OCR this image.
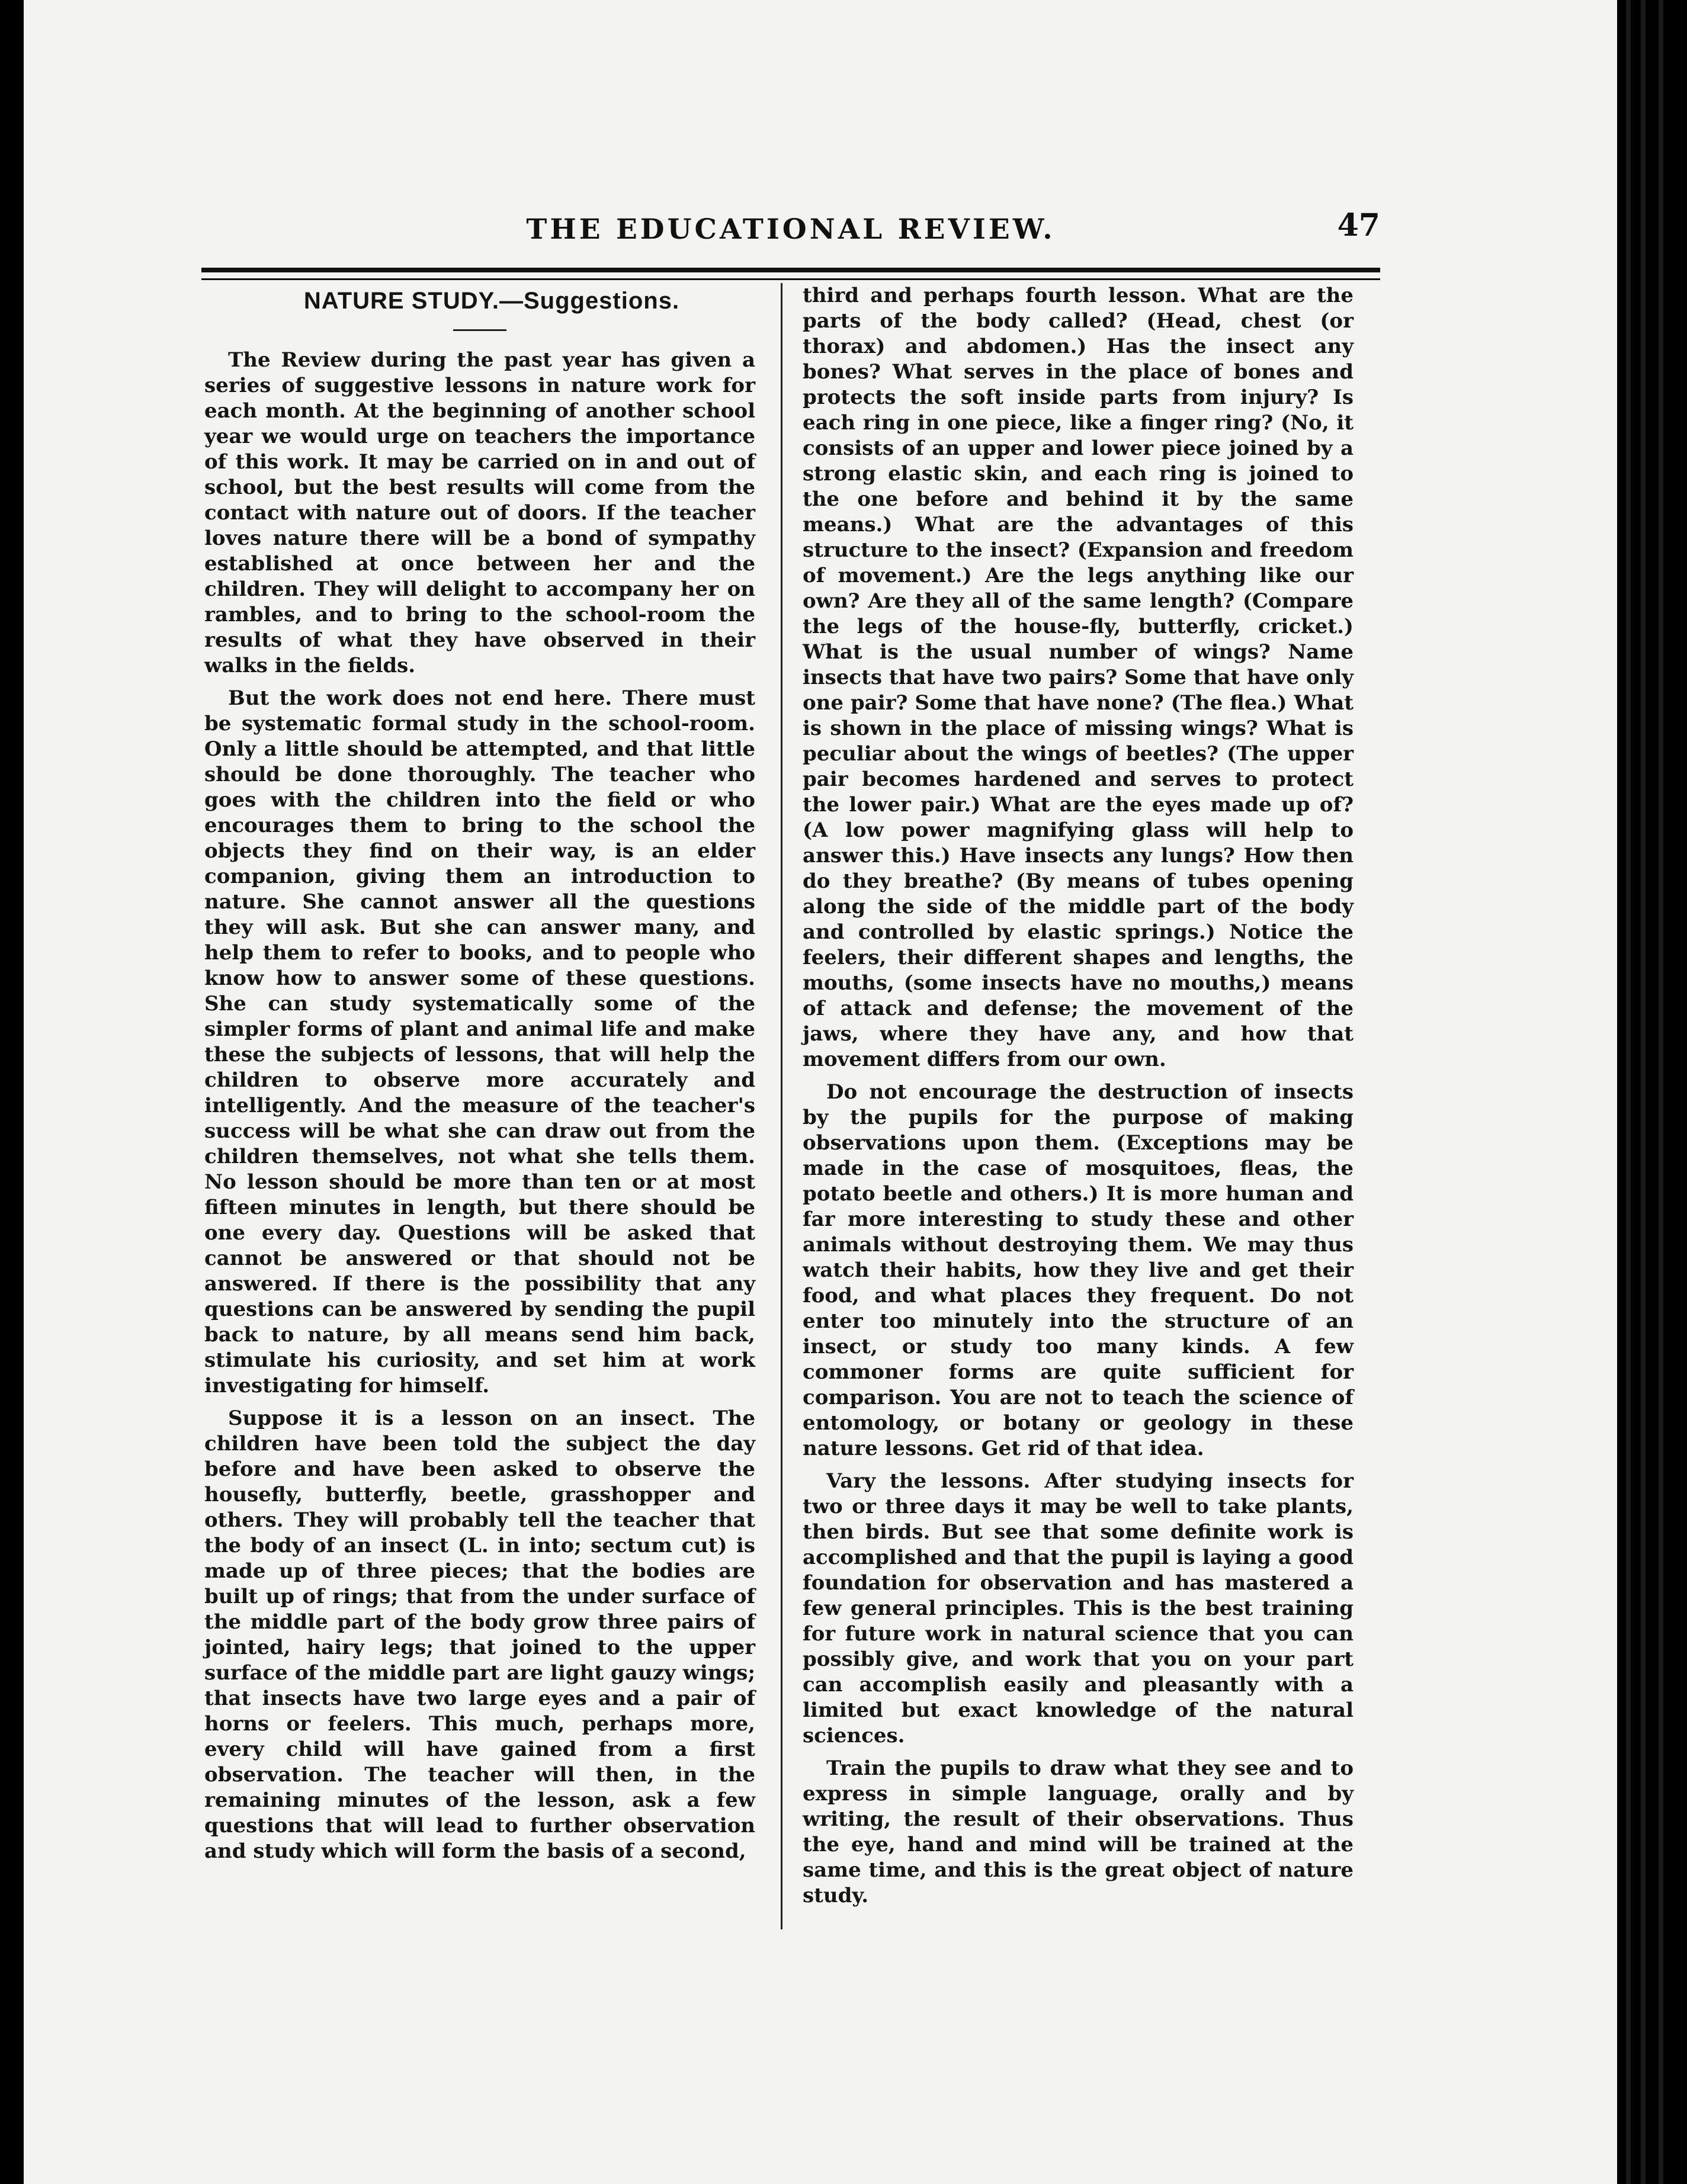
THE EDUCATIONAL REVIEW.	47

NATURE STUDY.—Suggestions.

The Review during the past year has given a series of suggestive lessons in nature work for each month. At the beginning of another school year we would urge on teachers the importance of this work. It may be carried on in and out of school, but the best results will come from the contact with nature out of doors. If the teacher loves nature there will be a bond of sympathy established at once between her and the children. They will delight to accompany her on rambles, and to bring to the school-room the results of what they have observed in their walks in the fields.

But the work does not end here. There must be systematic formal study in the school-room. Only a little should be attempted, and that little should be done thoroughly. The teacher who goes with the children into the field or who encourages them to bring to the school the objects they find on their way, is an elder companion, giving them an introduction to nature. She cannot answer all the questions they will ask. But she can answer many, and help them to refer to books, and to people who know how to answer some of these questions. She can study systematically some of the simpler forms of plant and animal life and make these the subjects of lessons, that will help the children to observe more accurately and intelligently. And the measure of the teacher's success will be what she can draw out from the children themselves, not what she tells them. No lesson should be more than ten or at most fifteen minutes in length, but there should be one every day. Questions will be asked that cannot be answered or that should not be answered. If there is the possibility that any questions can be answered by sending the pupil back to nature, by all means send him back, stimulate his curiosity, and set him at work investigating for himself.

Suppose it is a lesson on an insect. The children have been told the subject the day before and have been asked to observe the housefly, butterfly, beetle, grasshopper and others. They will probably tell the teacher that the body of an insect (L. in into; sectum cut) is made up of three pieces; that the bodies are built up of rings; that from the under surface of the middle part of the body grow three pairs of jointed, hairy legs; that joined to the upper surface of the middle part are light gauzy wings; that insects have two large eyes and a pair of horns or feelers. This much, perhaps more, every child will have gained from a first observation. The teacher will then, in the remaining minutes of the lesson, ask a few questions that will lead to further observation and study which will form the basis of a second,

third and perhaps fourth lesson. What are the parts of the body called? (Head, chest (or thorax) and abdomen.) Has the insect any bones? What serves in the place of bones and protects the soft inside parts from injury? Is each ring in one piece, like a finger ring? (No, it consists of an upper and lower piece joined by a strong elastic skin, and each ring is joined to the one before and behind it by the same means.) What are the advantages of this structure to the insect? (Expansion and freedom of movement.) Are the legs anything like our own? Are they all of the same length? (Compare the legs of the house-fly, butterfly, cricket.) What is the usual number of wings? Name insects that have two pairs? Some that have only one pair? Some that have none? (The flea.) What is shown in the place of missing wings? What is peculiar about the wings of beetles? (The upper pair becomes hardened and serves to protect the lower pair.) What are the eyes made up of? (A low power magnifying glass will help to answer this.) Have insects any lungs? How then do they breathe? (By means of tubes opening along the side of the middle part of the body and controlled by elastic springs.) Notice the feelers, their different shapes and lengths, the mouths, (some insects have no mouths,) means of attack and defense; the movement of the jaws, where they have any, and how that movement differs from our own.

Do not encourage the destruction of insects by the pupils for the purpose of making observations upon them. (Exceptions may be made in the case of mosquitoes, fleas, the potato beetle and others.) It is more human and far more interesting to study these and other animals without destroying them. We may thus watch their habits, how they live and get their food, and what places they frequent. Do not enter too minutely into the structure of an insect, or study too many kinds. A few commoner forms are quite sufficient for comparison. You are not to teach the science of entomology, or botany or geology in these nature lessons. Get rid of that idea.

Vary the lessons. After studying insects for two or three days it may be well to take plants, then birds. But see that some definite work is accomplished and that the pupil is laying a good foundation for observation and has mastered a few general principles. This is the best training for future work in natural science that you can possibly give, and work that you on your part can accomplish easily and pleasantly with a limited but exact knowledge of the natural sciences.

Train the pupils to draw what they see and to express in simple language, orally and by writing, the result of their observations. Thus the eye, hand and mind will be trained at the same time, and this is the great object of nature study.
